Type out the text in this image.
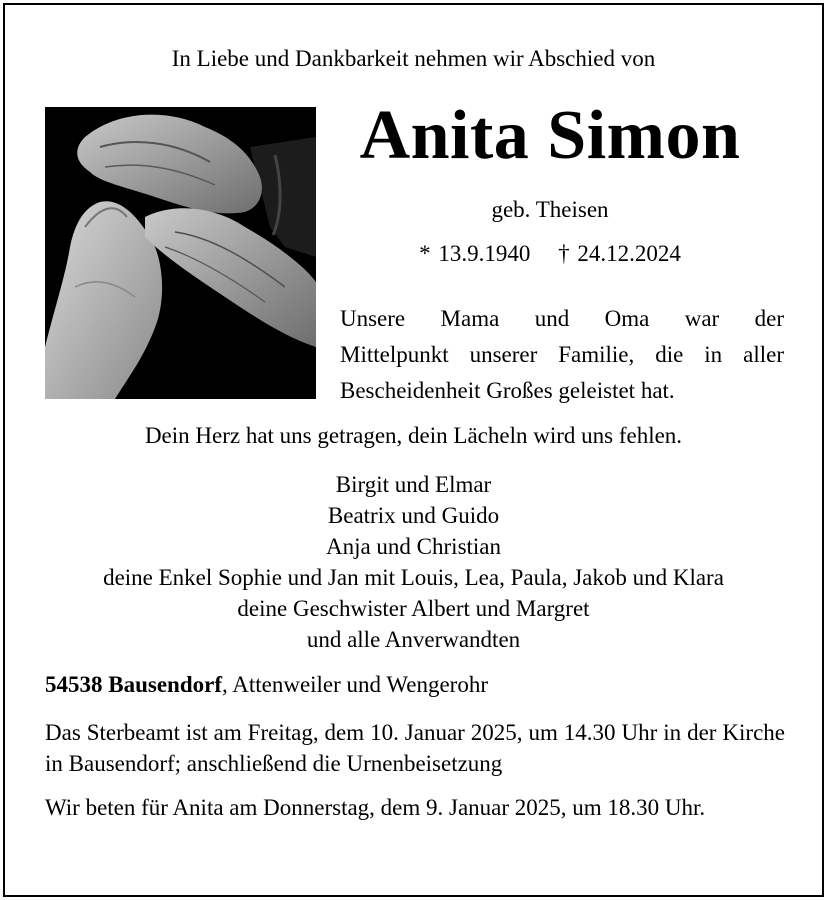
In Liebe und Dankbarkeit nehmen wir Abschied von
Anita Simon
geb. Theisen
* 13.9.1940 † 24.12.2024
Unsere Mama und Oma war der
Mittelpunkt unserer Familie, die in aller
Bescheidenheit Großes geleistet hat.
Dein Herz hat uns getragen, dein Lächeln wird uns fehlen.
Birgit und Elmar
Beatrix und Guido
Anja und Christian
deine Enkel Sophie und Jan mit Louis, Lea, Paula, Jakob und Klara
deine Geschwister Albert und Margret
und alle Anverwandten
54538 Bausendorf, Attenweiler und Wengerohr
Das Sterbeamt ist am Freitag, dem 10. Januar 2025, um 14.30 Uhr in der Kirche in Bausendorf; anschließend die Urnenbeisetzung
Wir beten für Anita am Donnerstag, dem 9. Januar 2025, um 18.30 Uhr.
